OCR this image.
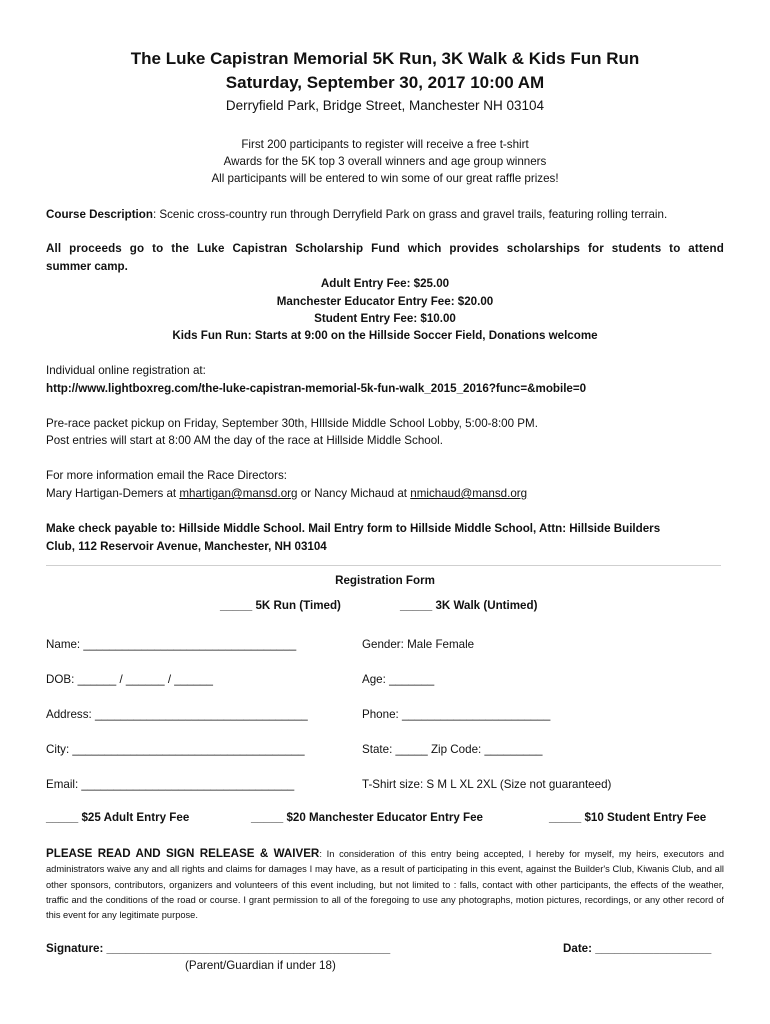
The Luke Capistran Memorial 5K Run, 3K Walk & Kids Fun Run
Saturday, September 30, 2017 10:00 AM
Derryfield Park, Bridge Street, Manchester NH 03104
First 200 participants to register will receive a free t-shirt
Awards for the 5K top 3 overall winners and age group winners
All participants will be entered to win some of our great raffle prizes!
Course Description: Scenic cross-country run through Derryfield Park on grass and gravel trails, featuring rolling terrain.
All proceeds go to the Luke Capistran Scholarship Fund which provides scholarships for students to attend
summer camp.
Adult Entry Fee: $25.00
Manchester Educator Entry Fee: $20.00
Student Entry Fee: $10.00
Kids Fun Run: Starts at 9:00 on the Hillside Soccer Field, Donations welcome
Individual online registration at:
http://www.lightboxreg.com/the-luke-capistran-memorial-5k-fun-walk_2015_2016?func=&mobile=0
Pre-race packet pickup on Friday, September 30th, HIllside Middle School Lobby, 5:00-8:00 PM.
Post entries will start at 8:00 AM the day of the race at Hillside Middle School.
For more information email the Race Directors:
Mary Hartigan-Demers at mhartigan@mansd.org or Nancy Michaud at nmichaud@mansd.org
Make check payable to: Hillside Middle School. Mail Entry form to Hillside Middle School, Attn: Hillside Builders
Club, 112 Reservoir Avenue, Manchester, NH 03104
Registration Form
_____ 5K Run (Timed)	_____ 3K Walk (Untimed)
Name: _________________________________	Gender: Male Female
DOB: ______ / ______ / ______	Age: _______
Address: _________________________________	Phone: _______________________
City: ____________________________________	State: _____ Zip Code: _________
Email: _________________________________	T-Shirt size: S M L XL 2XL (Size not guaranteed)
_____ $25 Adult Entry Fee	_____ $20 Manchester Educator Entry Fee	_____ $10 Student Entry Fee
PLEASE READ AND SIGN RELEASE & WAIVER: In consideration of this entry being accepted, I hereby for myself, my heirs, executors and administrators waive any and all rights and claims for damages I may have, as a result of participating in this event, against the Builder's Club, Kiwanis Club, and all other sponsors, contributors, organizers and volunteers of this event including, but not limited to : falls, contact with other participants, the effects of the weather, traffic and the conditions of the road or course. I grant permission to all of the foregoing to use any photographs, motion pictures, recordings, or any other record of this event for any legitimate purpose.
Signature: ____________________________________________	Date: __________________
(Parent/Guardian if under 18)
